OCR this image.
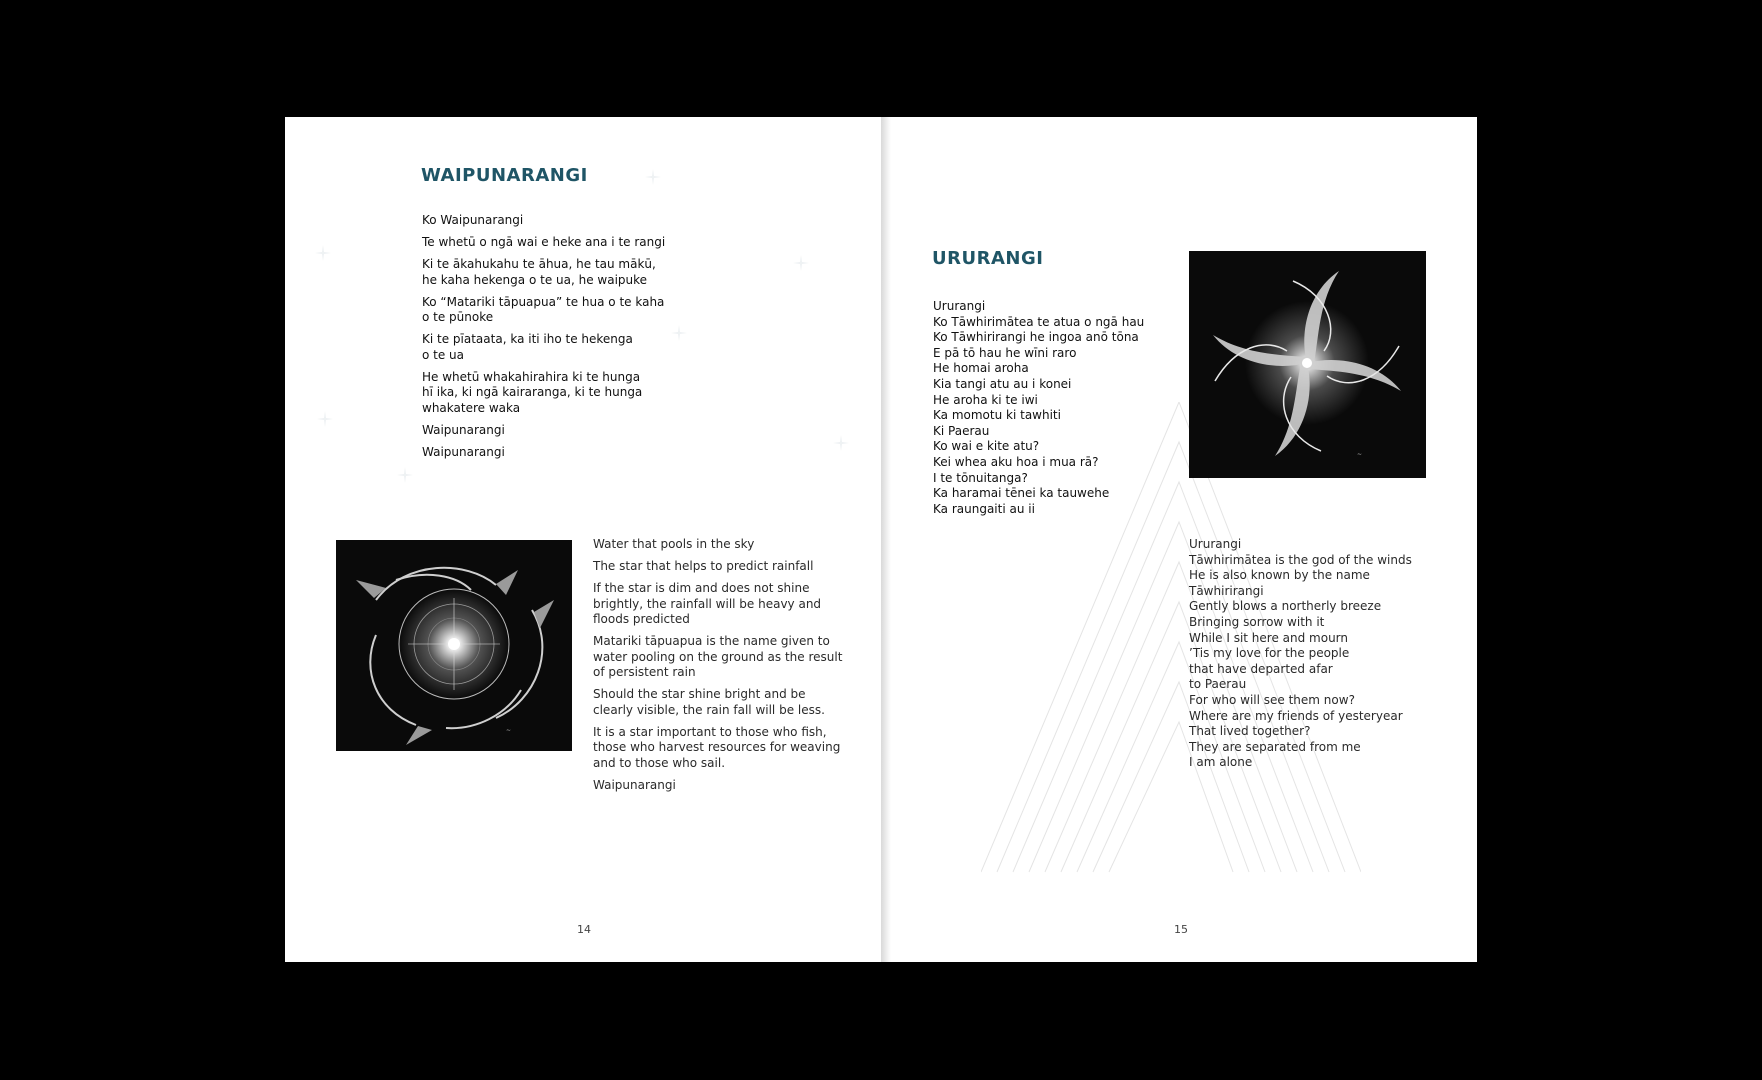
WAIPUNARANGI
Ko Waipunarangi
Te whetū o ngā wai e heke ana i te rangi
Ki te ākahukahu te āhua, he tau mākū,
he kaha hekenga o te ua, he waipuke
Ko “Matariki tāpuapua” te hua o te kaha
o te pūnoke
Ki te pīataata, ka iti iho te hekenga
o te ua
He whetū whakahirahira ki te hunga
hī ika, ki ngā kairaranga, ki te hunga
whakatere waka
Waipunarangi
Waipunarangi
~
Water that pools in the sky
The star that helps to predict rainfall
If the star is dim and does not shine
brightly, the rainfall will be heavy and
floods predicted
Matariki tāpuapua is the name given to
water pooling on the ground as the result
of persistent rain
Should the star shine bright and be
clearly visible, the rain fall will be less.
It is a star important to those who fish,
those who harvest resources for weaving
and to those who sail.
Waipunarangi
14
URURANGI
Ururangi
Ko Tāwhirimātea te atua o ngā hau
Ko Tāwhirirangi he ingoa anō tōna
E pā tō hau he wīni raro
He homai aroha
Kia tangi atu au i konei
He aroha ki te iwi
Ka momotu ki tawhiti
Ki Paerau
Ko wai e kite atu?
Kei whea aku hoa i mua rā?
I te tōnuitanga?
Ka haramai tēnei ka tauwehe
Ka raungaiti au ii
~
Ururangi
Tāwhirimātea is the god of the winds
He is also known by the name
Tāwhirirangi
Gently blows a northerly breeze
Bringing sorrow with it
While I sit here and mourn
’Tis my love for the people
that have departed afar
to Paerau
For who will see them now?
Where are my friends of yesteryear
That lived together?
They are separated from me
I am alone
15
